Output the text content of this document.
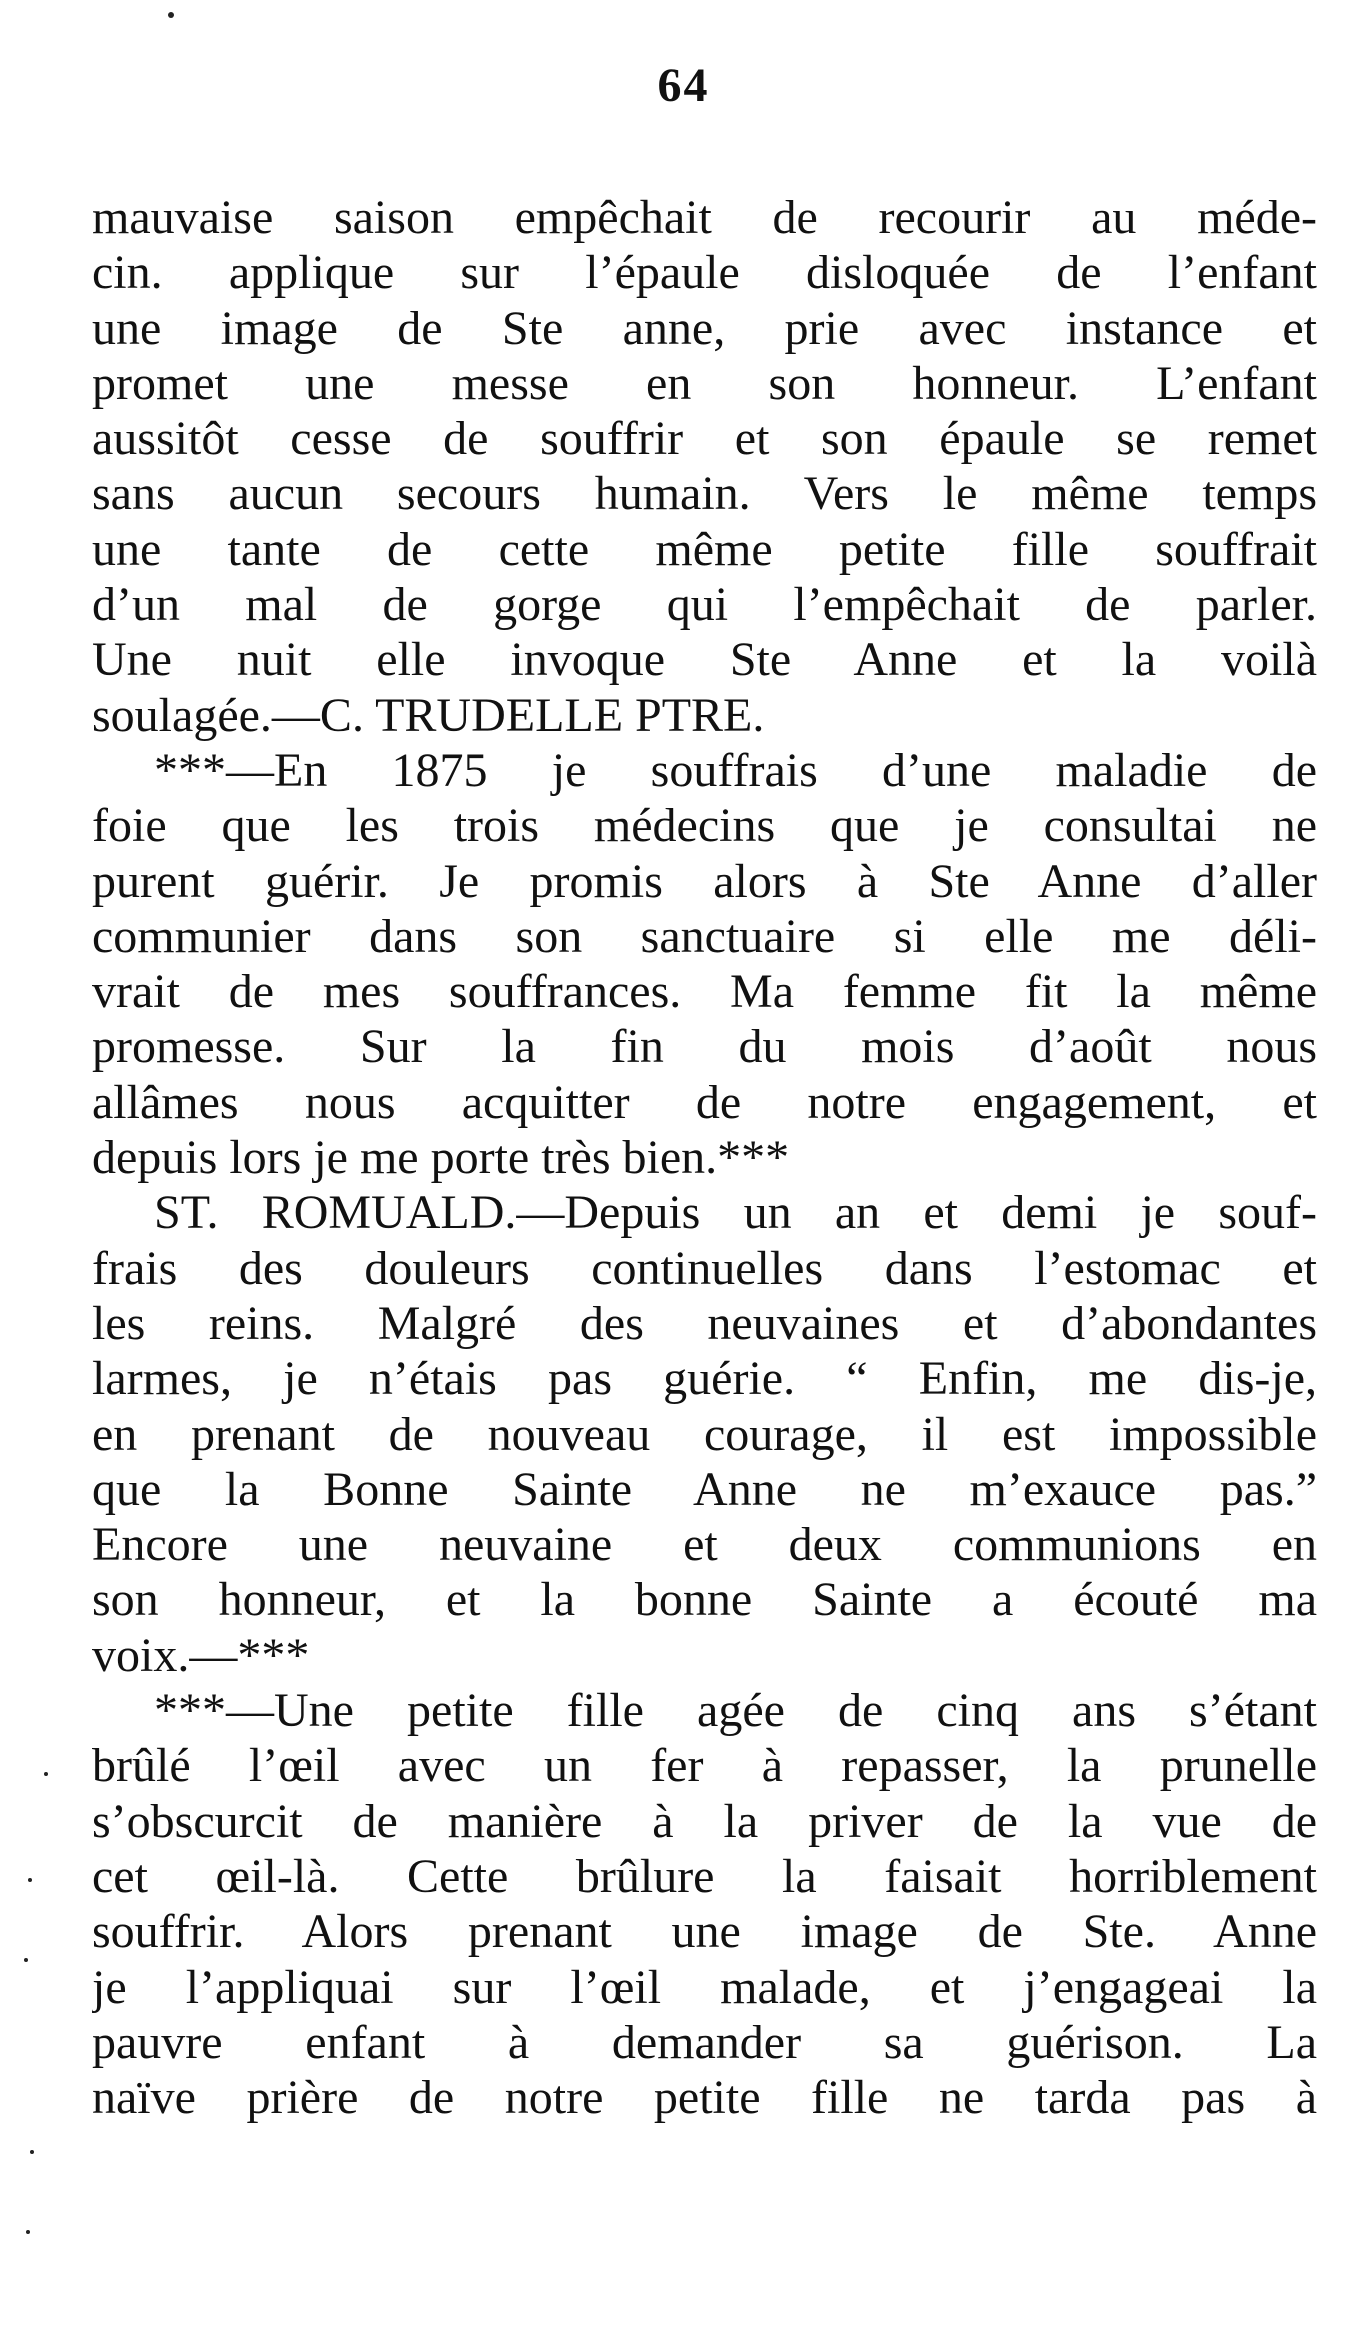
64
mauvaise saison empêchait de recourir au méde-
cin. applique sur l’épaule disloquée de l’enfant
une image de Ste anne, prie avec instance et
promet une messe en son honneur. L’enfant
aussitôt cesse de souffrir et son épaule se remet
sans aucun secours humain. Vers le même temps
une tante de cette même petite fille souffrait
d’un mal de gorge qui l’empêchait de parler.
Une nuit elle invoque Ste Anne et la voilà
soulagée.—C. TRUDELLE PTRE.
***—En 1875 je souffrais d’une maladie de
foie que les trois médecins que je consultai ne
purent guérir. Je promis alors à Ste Anne d’aller
communier dans son sanctuaire si elle me déli-
vrait de mes souffrances. Ma femme fit la même
promesse. Sur la fin du mois d’août nous
allâmes nous acquitter de notre engagement, et
depuis lors je me porte très bien.***
ST. ROMUALD.—Depuis un an et demi je souf-
frais des douleurs continuelles dans l’estomac et
les reins. Malgré des neuvaines et d’abondantes
larmes, je n’étais pas guérie. “ Enfin, me dis-je,
en prenant de nouveau courage, il est impossible
que la Bonne Sainte Anne ne m’exauce pas.”
Encore une neuvaine et deux communions en
son honneur, et la bonne Sainte a écouté ma
voix.—***
***—Une petite fille agée de cinq ans s’étant
brûlé l’œil avec un fer à repasser, la prunelle
s’obscurcit de manière à la priver de la vue de
cet œil-là. Cette brûlure la faisait horriblement
souffrir. Alors prenant une image de Ste. Anne
je l’appliquai sur l’œil malade, et j’engageai la
pauvre enfant à demander sa guérison. La
naïve prière de notre petite fille ne tarda pas à
